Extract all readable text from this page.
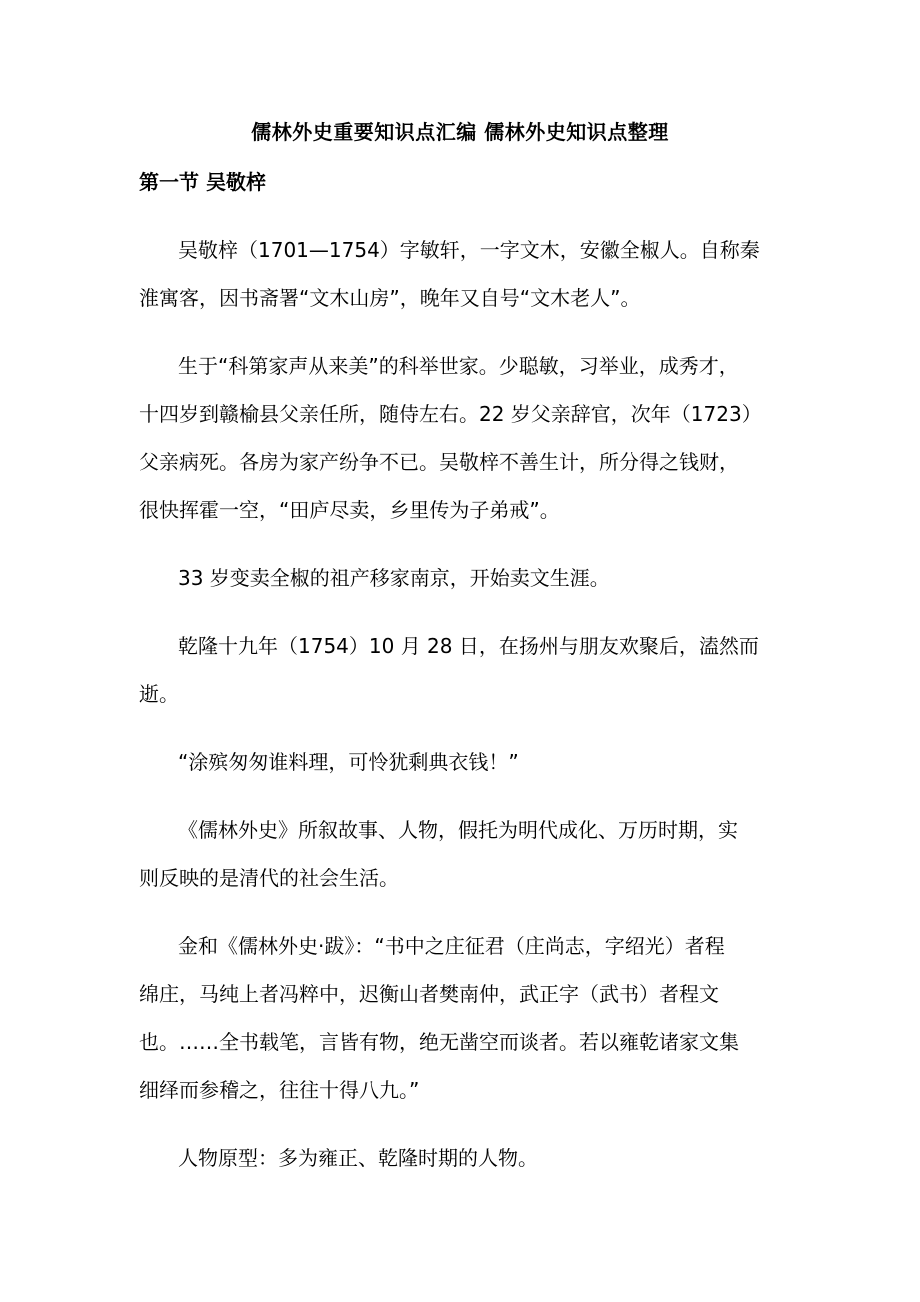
儒林外史重要知识点汇编 儒林外史知识点整理
第一节 吴敬梓

吴敬梓（1701—1754）字敏轩，一字文木，安徽全椒人。自称秦
淮寓客，因书斋署“文木山房”，晚年又自号“文木老人”。

生于“科第家声从来美”的科举世家。少聪敏，习举业，成秀才，
十四岁到赣榆县父亲任所，随侍左右。22 岁父亲辞官，次年（1723）
父亲病死。各房为家产纷争不已。吴敬梓不善生计，所分得之钱财，
很快挥霍一空，“田庐尽卖，乡里传为子弟戒”。

33 岁变卖全椒的祖产移家南京，开始卖文生涯。

乾隆十九年（1754）10 月 28 日，在扬州与朋友欢聚后，溘然而
逝。

“涂殡匆匆谁料理，可怜犹剩典衣钱！”

《儒林外史》所叙故事、人物，假托为明代成化、万历时期，实
则反映的是清代的社会生活。

金和《儒林外史·跋》：“书中之庄征君（庄尚志，字绍光）者程
绵庄，马纯上者冯粹中，迟衡山者樊南仲，武正字（武书）者程文
也。……全书载笔，言皆有物，绝无凿空而谈者。若以雍乾诸家文集
细绎而参稽之，往往十得八九。”

人物原型：多为雍正、乾隆时期的人物。
